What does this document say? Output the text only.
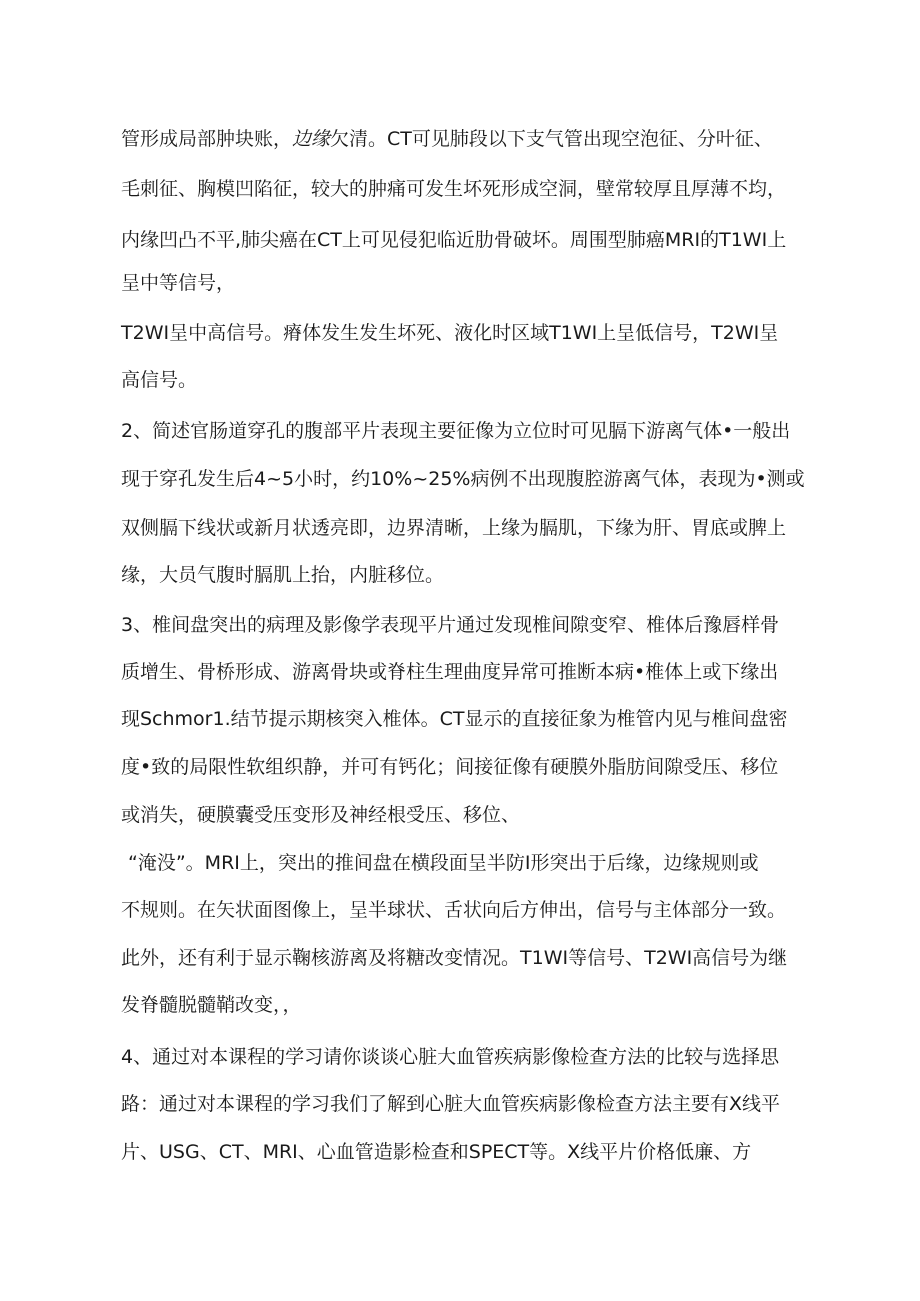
管形成局部肿块账，边缘欠清。CT可见肺段以下支气管出现空泡征、分叶征、
毛刺征、胸模凹陷征，较大的肿痛可发生坏死形成空洞，壁常较厚且厚薄不均，
内缘凹凸不平,肺尖癌在CT上可见侵犯临近肋骨破坏。周围型肺癌MRI的T1WI上
呈中等信号，
T2WI呈中高信号。瘠体发生发生坏死、液化时区域T1WI上呈低信号，T2WI呈
高信号。
2、简述官肠道穿孔的腹部平片表现主要征像为立位时可见膈下游离气体•一般出
现于穿孔发生后4~5小时，约10%~25%病例不出现腹腔游离气体，表现为•测或
双侧膈下线状或新月状透亮即，边界清晰，上缘为膈肌，下缘为肝、胃底或脾上
缘，大员气腹时膈肌上抬，内脏移位。
3、椎间盘突出的病理及影像学表现平片通过发现椎间隙变窄、椎体后豫唇样骨
质增生、骨桥形成、游离骨块或脊柱生理曲度异常可推断本病•椎体上或下缘出
现Schmor1.结节提示期核突入椎体。CT显示的直接征象为椎管内见与椎间盘密
度•致的局限性软组织静，并可有钙化；间接征像有硬膜外脂肪间隙受压、移位
或消失，硬膜囊受压变形及神经根受压、移位、
“淹没”。MRI上，突出的推间盘在横段面呈半防I形突出于后缘，边缘规则或
不规则。在矢状面图像上，呈半球状、舌状向后方伸出，信号与主体部分一致。
此外，还有利于显示鞠核游离及将糖改变情况。T1WI等信号、T2WI高信号为继
发脊髓脱髓鞘改变，，
4、通过对本课程的学习请你谈谈心脏大血管疾病影像检查方法的比较与选择思
路：通过对本课程的学习我们了解到心脏大血管疾病影像检查方法主要有X线平
片、USG、CT、MRI、心血管造影检查和SPECT等。X线平片价格低廉、方
